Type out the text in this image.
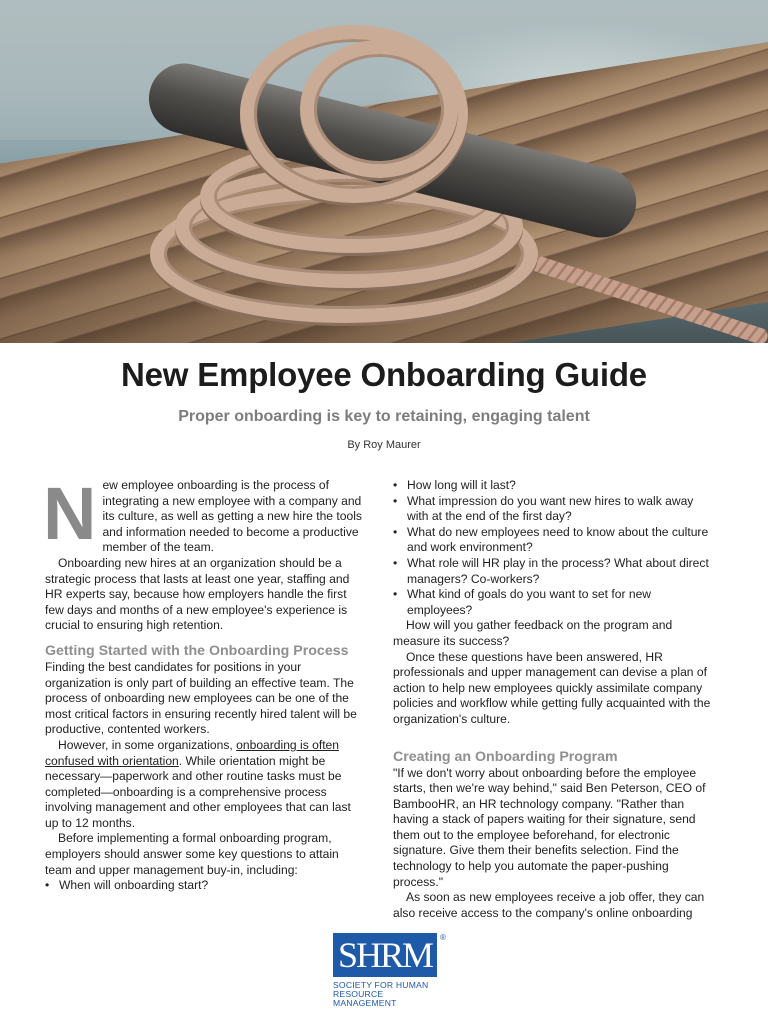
New Employee Onboarding Guide
Proper onboarding is key to retaining, engaging talent
By Roy Maurer

New employee onboarding is the process of integrating a new employee with a company and its culture, as well as getting a new hire the tools and information needed to become a productive member of the team.

Onboarding new hires at an organization should be a strategic process that lasts at least one year, staffing and HR experts say, because how employers handle the first few days and months of a new employee's experience is crucial to ensuring high retention.

Getting Started with the Onboarding Process

Finding the best candidates for positions in your organization is only part of building an effective team. The process of onboarding new employees can be one of the most critical factors in ensuring recently hired talent will be productive, contented workers.

However, in some organizations, onboarding is often confused with orientation. While orientation might be necessary—paperwork and other routine tasks must be completed—onboarding is a comprehensive process involving management and other employees that can last up to 12 months.

Before implementing a formal onboarding program, employers should answer some key questions to attain team and upper management buy-in, including:

• When will onboarding start?
• How long will it last?
• What impression do you want new hires to walk away with at the end of the first day?
• What do new employees need to know about the culture and work environment?
• What role will HR play in the process? What about direct managers? Co-workers?
• What kind of goals do you want to set for new employees?

How will you gather feedback on the program and measure its success?

Once these questions have been answered, HR professionals and upper management can devise a plan of action to help new employees quickly assimilate company policies and workflow while getting fully acquainted with the organization's culture.

Creating an Onboarding Program

"If we don't worry about onboarding before the employee starts, then we're way behind," said Ben Peterson, CEO of BambooHR, an HR technology company. "Rather than having a stack of papers waiting for their signature, send them out to the employee beforehand, for electronic signature. Give them their benefits selection. Find the technology to help you automate the paper-pushing process."

As soon as new employees receive a job offer, they can also receive access to the company's online onboarding

SHRM ®
SOCIETY FOR HUMAN
RESOURCE MANAGEMENT
